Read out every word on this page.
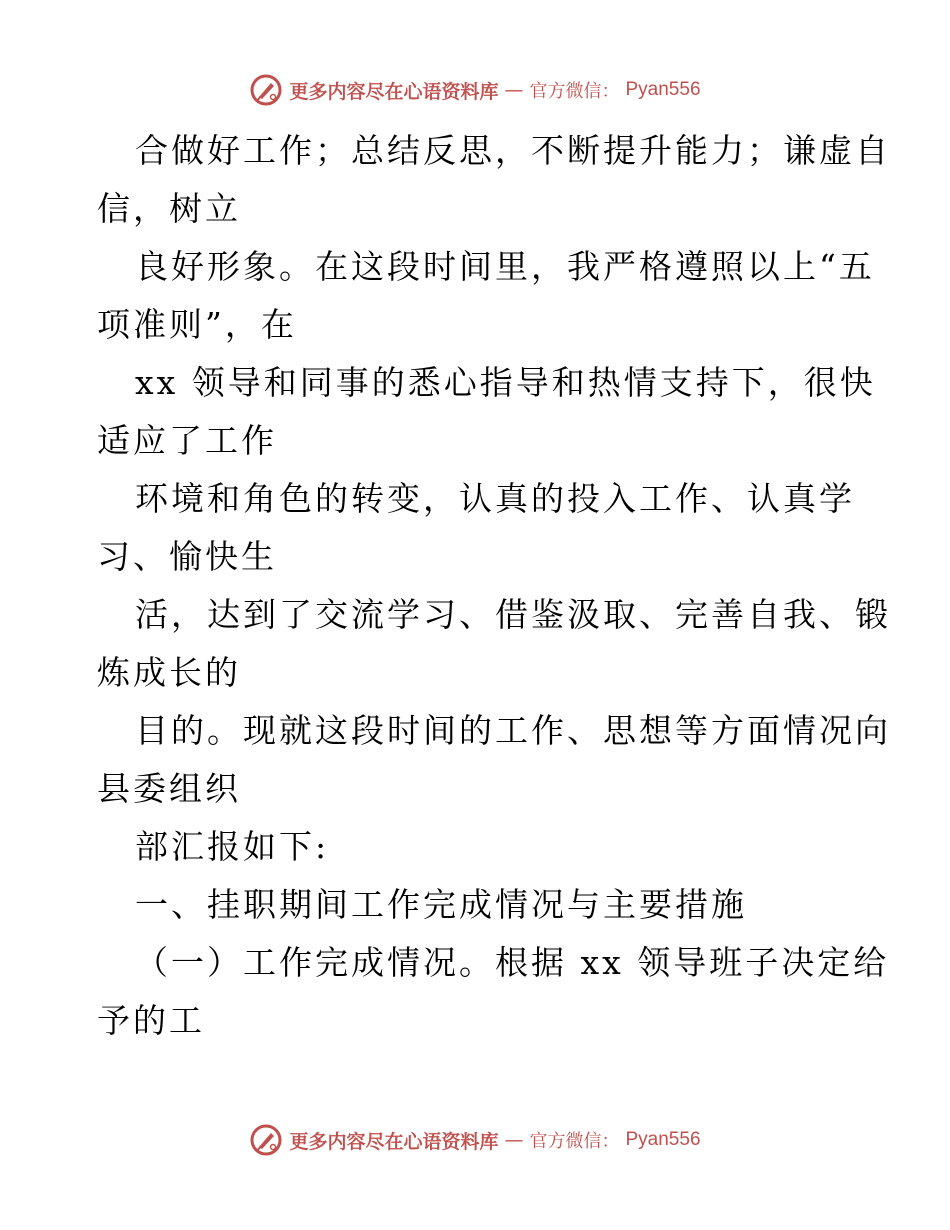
更多内容尽在心语资料库 — 官方微信： Pyan556
合做好工作；总结反思，不断提升能力；谦虚自
信，树立
良好形象。在这段时间里，我严格遵照以上“五
项准则”，在
xx 领导和同事的悉心指导和热情支持下，很快
适应了工作
环境和角色的转变，认真的投入工作、认真学
习、愉快生
活，达到了交流学习、借鉴汲取、完善自我、锻
炼成长的
目的。现就这段时间的工作、思想等方面情况向
县委组织
部汇报如下:
一、挂职期间工作完成情况与主要措施
（一）工作完成情况。根据 xx 领导班子决定给
予的工
更多内容尽在心语资料库 — 官方微信： Pyan556
